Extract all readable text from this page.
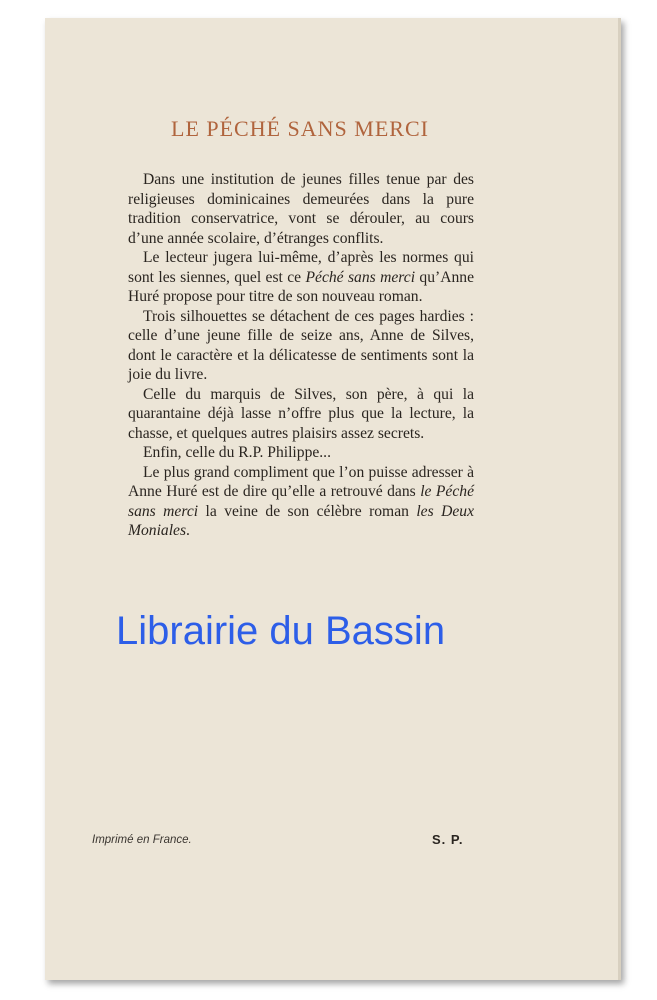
LE PÉCHÉ SANS MERCI

Dans une institution de jeunes filles tenue par des religieuses dominicaines demeurées dans la pure tradition conservatrice, vont se dérouler, au cours d’une année scolaire, d’étranges conflits.

Le lecteur jugera lui-même, d’après les normes qui sont les siennes, quel est ce Péché sans merci qu’Anne Huré propose pour titre de son nouveau roman.

Trois silhouettes se détachent de ces pages hardies : celle d’une jeune fille de seize ans, Anne de Silves, dont le caractère et la délicatesse de sentiments sont la joie du livre.

Celle du marquis de Silves, son père, à qui la quarantaine déjà lasse n’offre plus que la lecture, la chasse, et quelques autres plaisirs assez secrets.

Enfin, celle du R.P. Philippe...

Le plus grand compliment que l’on puisse adresser à Anne Huré est de dire qu’elle a retrouvé dans le Péché sans merci la veine de son célèbre roman les Deux Moniales.

Librairie du Bassin
Imprimé en France.	S. P.
